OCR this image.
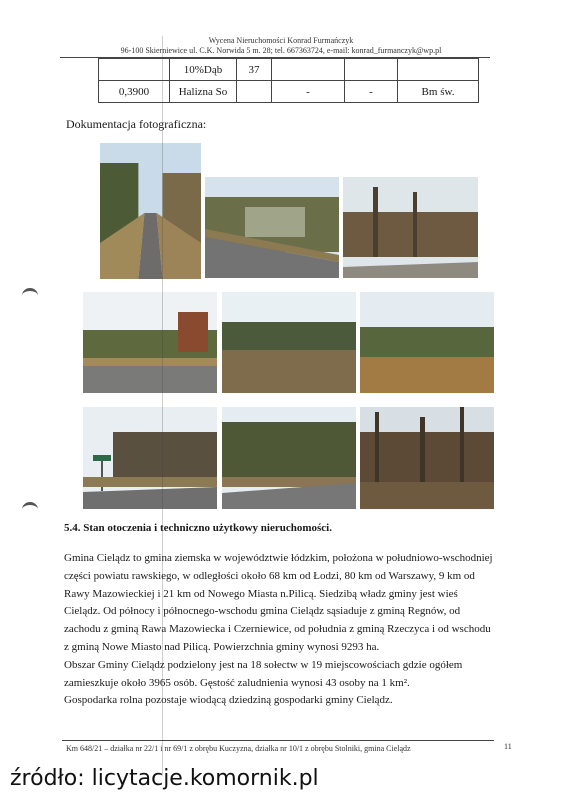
Wycena Nieruchomości Konrad Furmańczyk
96-100 Skierniewice ul. C.K. Norwida 5 m. 28; tel. 667363724, e-mail: konrad_furmanczyk@wp.pl
	10%Dąb	37			
0,3900	Halizna So		-	-	Bm św.
Dokumentacja fotograficzna:
5.4. Stan otoczenia i techniczno użytkowy nieruchomości.

Gmina Cielądz to gmina ziemska w województwie łódzkim, położona w południowo-wschodniej części powiatu rawskiego, w odległości około 68 km od Łodzi, 80 km od Warszawy, 9 km od Rawy Mazowieckiej i 21 km od Nowego Miasta n.Pilicą. Siedzibą władz gminy jest wieś Cielądz. Od północy i północnego-wschodu gmina Cielądz sąsiaduje z gminą Regnów, od zachodu z gminą Rawa Mazowiecka i Czerniewice, od południa z gminą Rzeczyca i od wschodu z gminą Nowe Miasto nad Pilicą. Powierzchnia gminy wynosi 9293 ha.

Obszar Gminy Cielądz podzielony jest na 18 sołectw w 19 miejscowościach gdzie ogółem zamieszkuje około 3965 osób. Gęstość zaludnienia wynosi 43 osoby na 1 km².

Gospodarka rolna pozostaje wiodącą dziedziną gospodarki gminy Cielądz.

Km 648/21 – działka nr 22/1 i nr 69/1 z obrębu Kuczyzna, działka nr 10/1 z obrębu Stolniki, gmina Cielądz	11
źródło: licytacje.komornik.pl
